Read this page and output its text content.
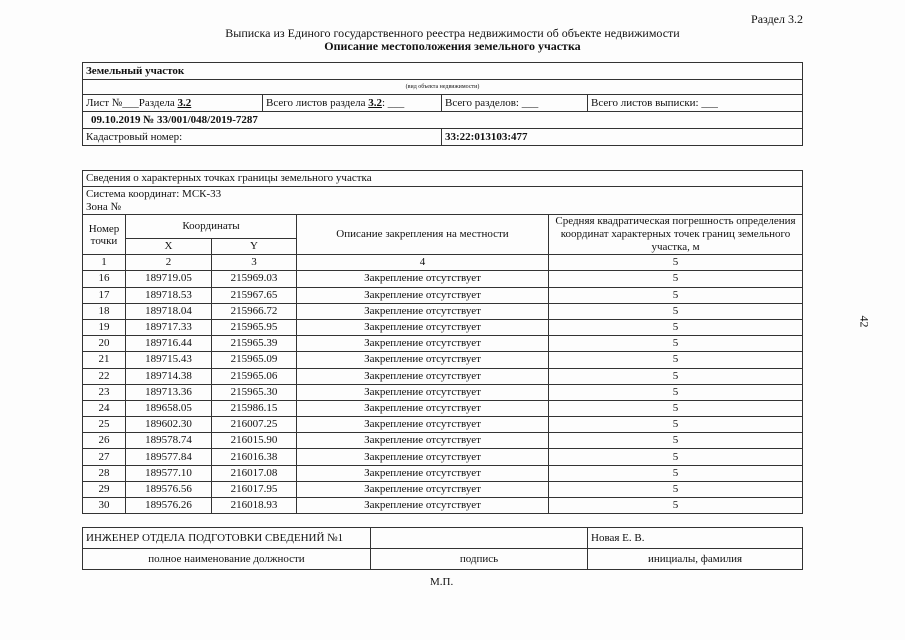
Раздел 3.2
Выписка из Единого государственного реестра недвижимости об объекте недвижимости
Описание местоположения земельного участка
42
Земельный участок			
(вид объекта недвижимости)			
Лист №___Раздела 3.2	Всего листов раздела 3.2: ___	Всего разделов: ___	Всего листов выписки: ___
09.10.2019 № 33/001/048/2019-7287			
Кадастровый номер:		33:22:013103:477	
Сведения о характерных точках границы земельного участка				

Система координат: МСК-33
Зона №				

Номер точки	Координаты		Описание закрепления на местности	Средняя квадратическая погрешность определения координат характерных точек границ земельного участка, м
	X	Y		
1	2	3	4	5
16	189719.05	215969.03	Закрепление отсутствует	5
17	189718.53	215967.65	Закрепление отсутствует	5
18	189718.04	215966.72	Закрепление отсутствует	5
19	189717.33	215965.95	Закрепление отсутствует	5
20	189716.44	215965.39	Закрепление отсутствует	5
21	189715.43	215965.09	Закрепление отсутствует	5
22	189714.38	215965.06	Закрепление отсутствует	5
23	189713.36	215965.30	Закрепление отсутствует	5
24	189658.05	215986.15	Закрепление отсутствует	5
25	189602.30	216007.25	Закрепление отсутствует	5
26	189578.74	216015.90	Закрепление отсутствует	5
27	189577.84	216016.38	Закрепление отсутствует	5
28	189577.10	216017.08	Закрепление отсутствует	5
29	189576.56	216017.95	Закрепление отсутствует	5
30	189576.26	216018.93	Закрепление отсутствует	5
ИНЖЕНЕР ОТДЕЛА ПОДГОТОВКИ СВЕДЕНИЙ №1		Новая Е. В.
полное наименование должности	подпись	инициалы, фамилия
М.П.
